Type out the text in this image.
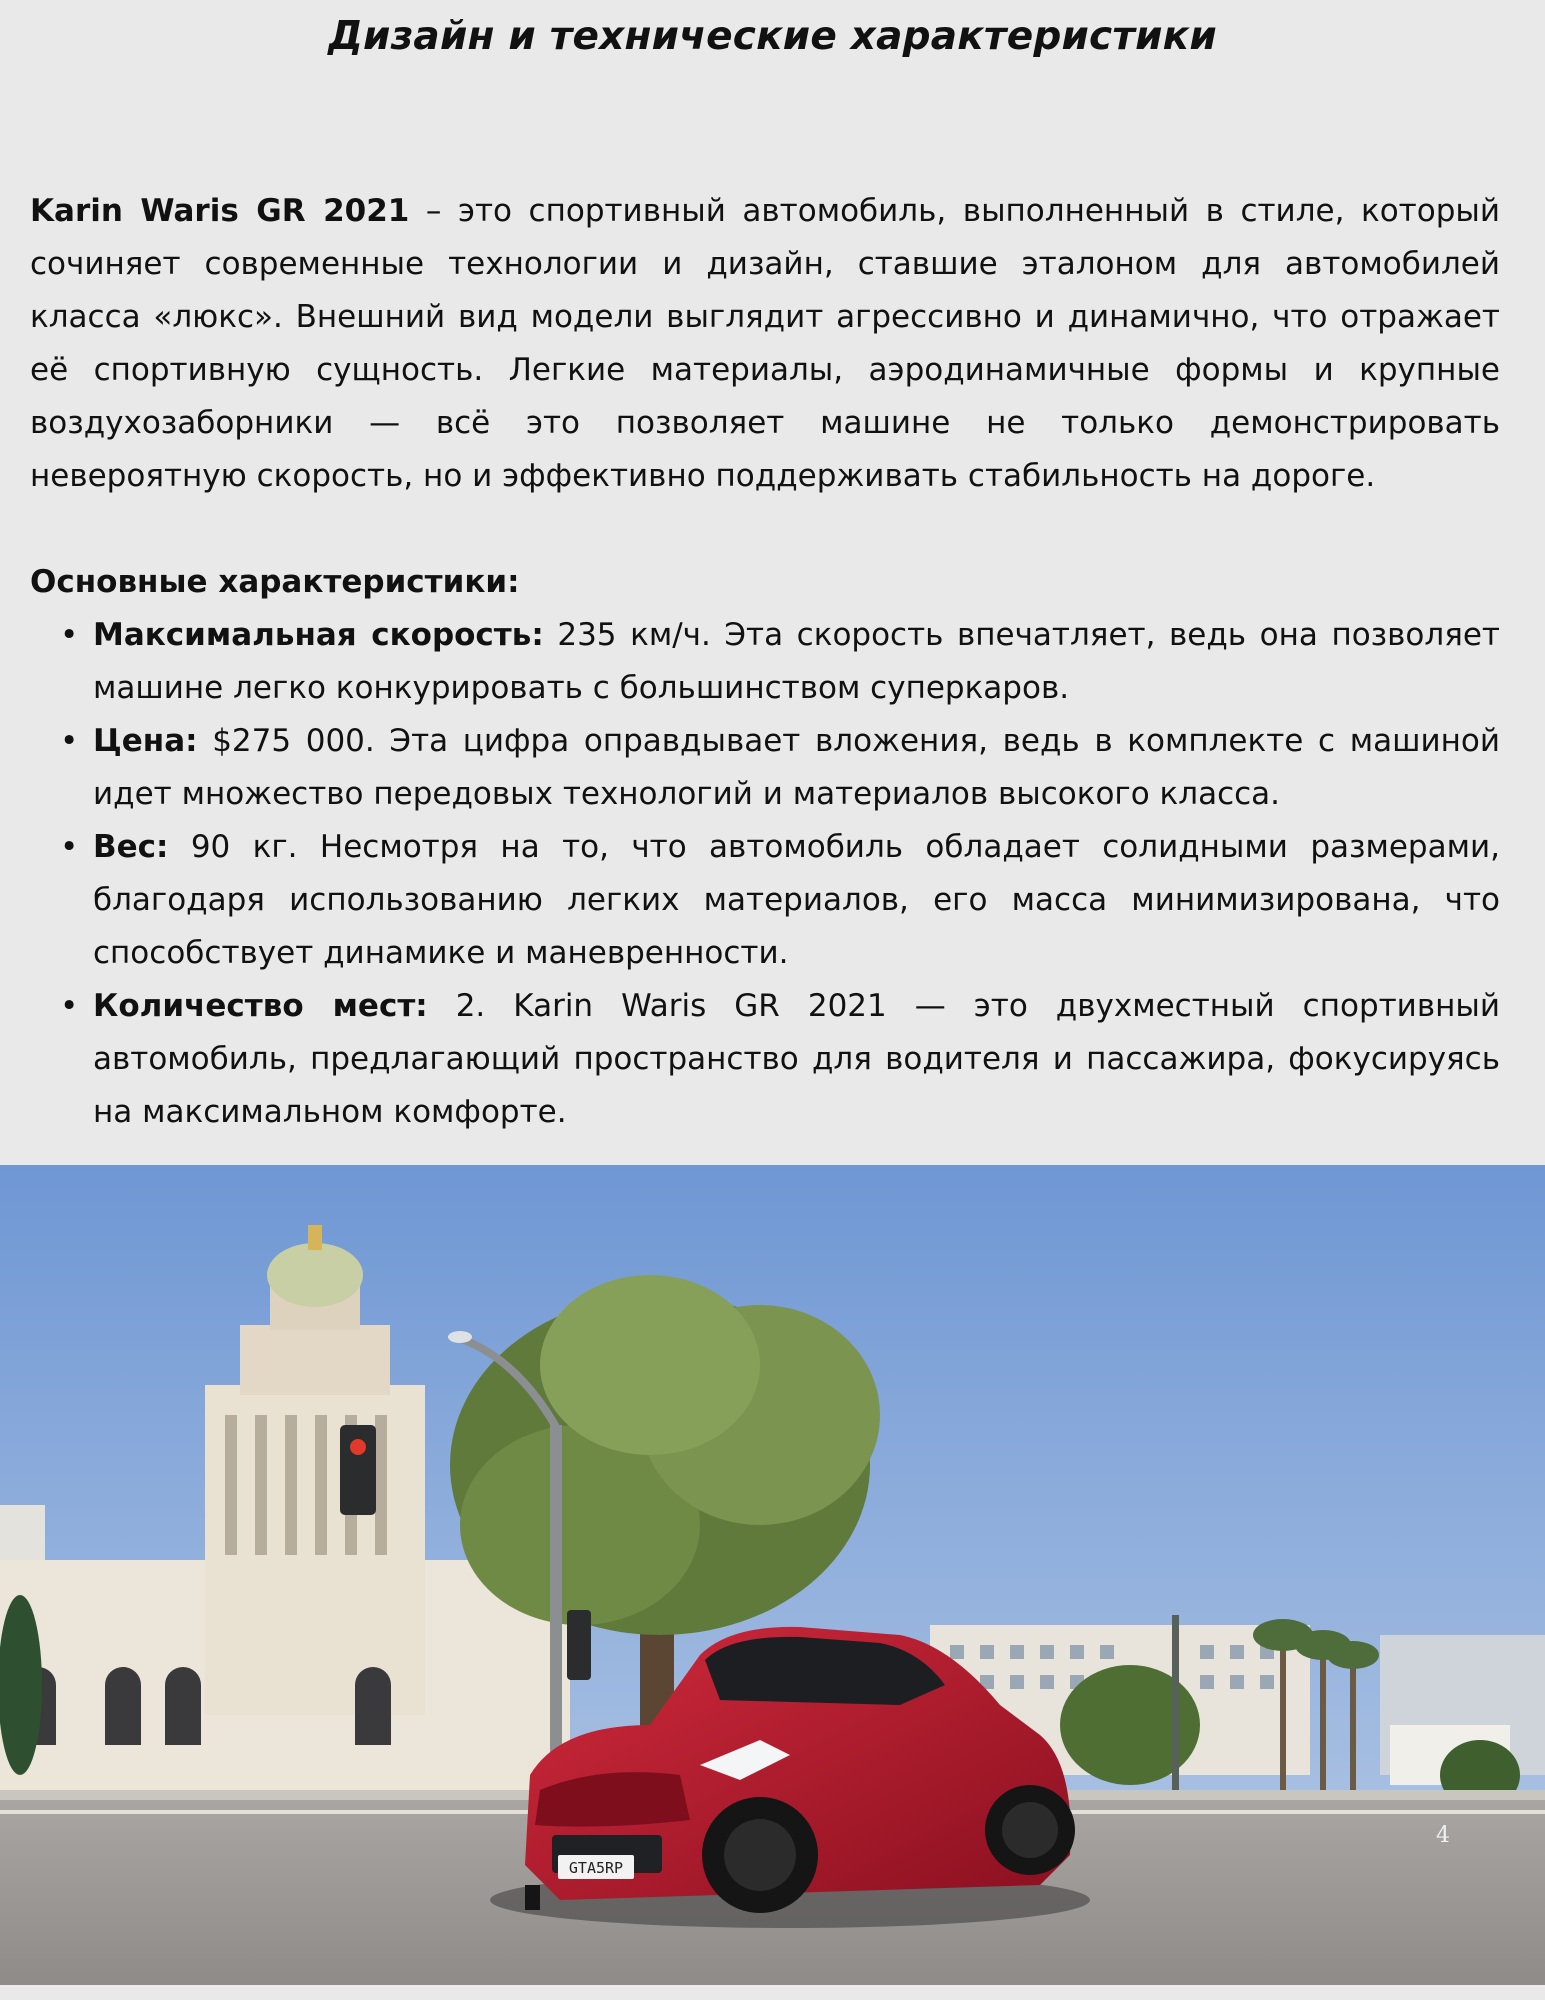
Дизайн и технические характеристики

Karin Waris GR 2021 – это спортивный автомобиль, выполненный в стиле, который сочиняет современные технологии и дизайн, ставшие эталоном для автомобилей класса «люкс». Внешний вид модели выглядит агрессивно и динамично, что отражает её спортивную сущность. Легкие материалы, аэродинамичные формы и крупные воздухозаборники — всё это позволяет машине не только демонстрировать невероятную скорость, но и эффективно поддерживать стабильность на дороге.

Основные характеристики:

• Максимальная скорость: 235 км/ч. Эта скорость впечатляет, ведь она позволяет машине легко конкурировать с большинством суперкаров.
• Цена: $275 000. Эта цифра оправдывает вложения, ведь в комплекте с машиной идет множество передовых технологий и материалов высокого класса.
• Вес: 90 кг. Несмотря на то, что автомобиль обладает солидными размерами, благодаря использованию легких материалов, его масса минимизирована, что способствует динамике и маневренности.
• Количество мест: 2. Karin Waris GR 2021 — это двухместный спортивный автомобиль, предлагающий пространство для водителя и пассажира, фокусируясь на максимальном комфорте.
GTA5RP
4
